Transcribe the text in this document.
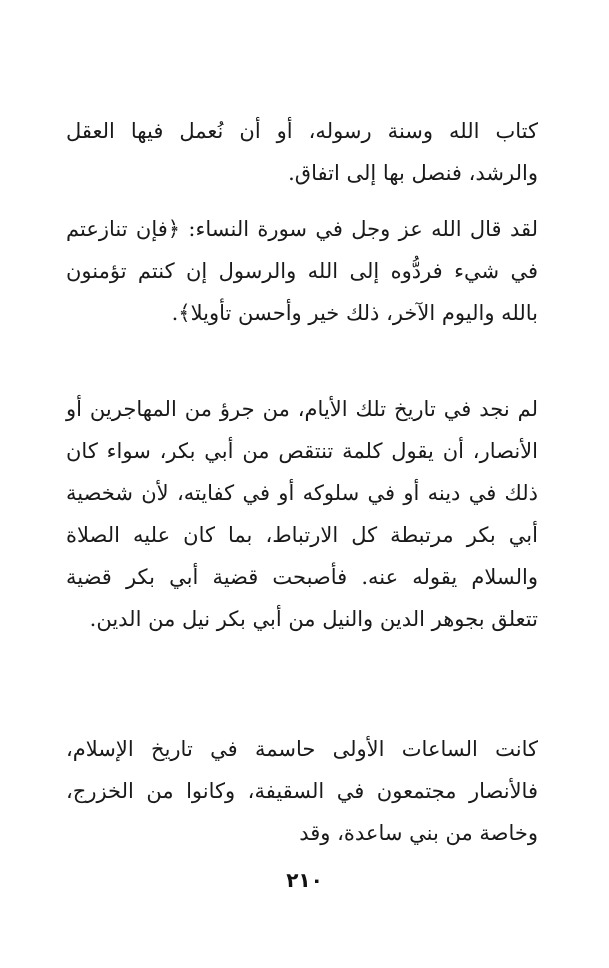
كتاب الله وسنة رسوله، أو أن نُعمل فيها العقل والرشد، فنصل بها إلى اتفاق.

لقد قال الله عز وجل في سورة النساء: ﴿فإن تنازعتم في شيء فردُّوه إلى الله والرسول إن كنتم تؤمنون بالله واليوم الآخر، ذلك خير وأحسن تأويلا﴾.

لم نجد في تاريخ تلك الأيام، من جرؤ من المهاجرين أو الأنصار، أن يقول كلمة تنتقص من أبي بكر، سواء كان ذلك في دينه أو في سلوكه أو في كفايته، لأن شخصية أبي بكر مرتبطة كل الارتباط، بما كان عليه الصلاة والسلام يقوله عنه. فأصبحت قضية أبي بكر قضية تتعلق بجوهر الدين والنيل من أبي بكر نيل من الدين.

كانت الساعات الأولى حاسمة في تاريخ الإسلام، فالأنصار مجتمعون في السقيفة، وكانوا من الخزرج، وخاصة من بني ساعدة، وقد

٢١٠
